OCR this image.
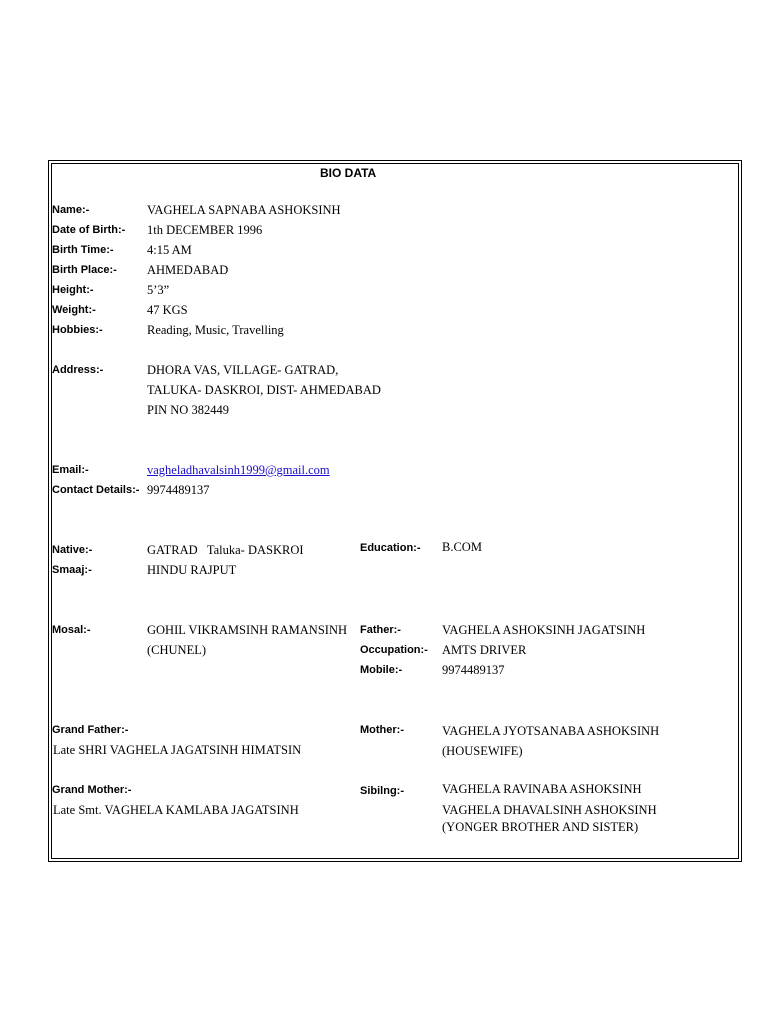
BIO DATA
Name:-	VAGHELA SAPNABA ASHOKSINH
Date of Birth:- 1th DECEMBER 1996
Birth Time:-	4:15 AM
Birth Place:- AHMEDABAD
Height:-	5’3”
Weight:-	47 KGS
Hobbies:-	Reading, Music, Travelling
Address:-	DHORA VAS, VILLAGE- GATRAD,
TALUKA- DASKROI, DIST- AHMEDABAD
PIN NO 382449
Email:-	vagheladhavalsinh1999@gmail.com
Contact Details:- 9974489137
Native:-	GATRAD   Taluka- DASKROI	Education:- B.COM
Smaaj:-	HINDU RAJPUT
Mosal:-	GOHIL VIKRAMSINH RAMANSINH
(CHUNEL)
Father:-	VAGHELA ASHOKSINH JAGATSINH
Occupation:- AMTS DRIVER
Mobile:-	9974489137
Grand Father:-
Late SHRI VAGHELA JAGATSINH HIMATSIN
Mother:-	VAGHELA JYOTSANABA ASHOKSINH
(HOUSEWIFE)
Grand Mother:-
Late Smt. VAGHELA KAMLABA JAGATSINH
Sibilng:-	VAGHELA RAVINABA ASHOKSINH
VAGHELA DHAVALSINH ASHOKSINH
(YONGER BROTHER AND SISTER)
